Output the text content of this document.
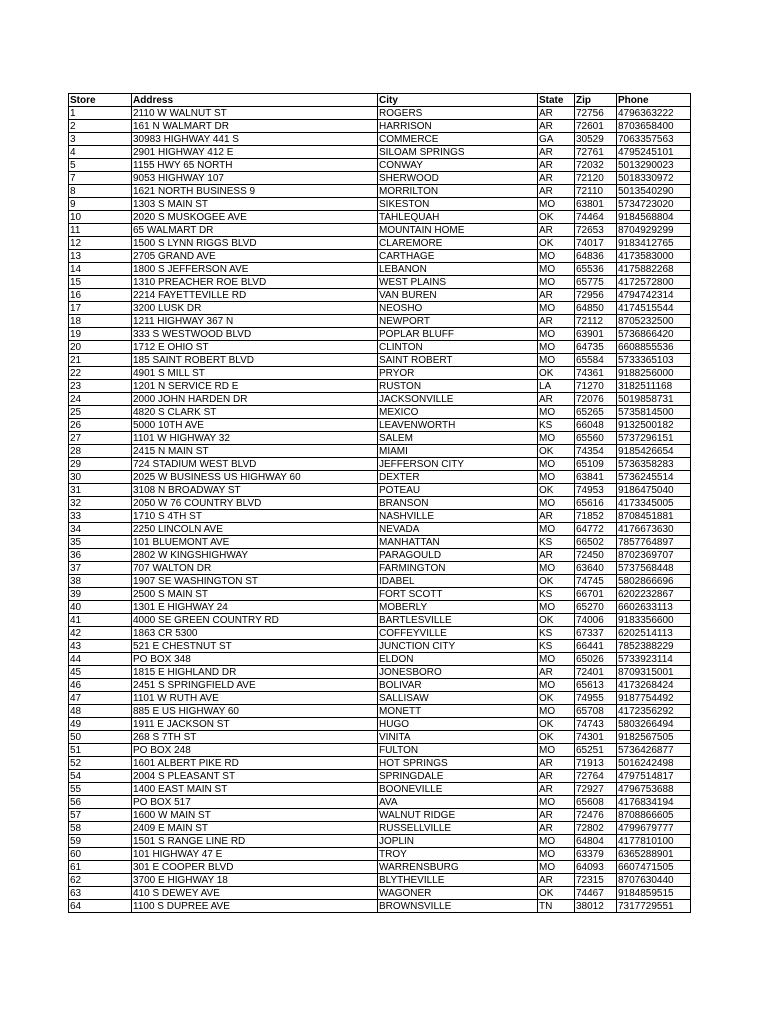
Store	Address	City	State	Zip	Phone
1	2110 W WALNUT ST	ROGERS	AR	72756	4796363222
2	161 N WALMART DR	HARRISON	AR	72601	8703658400
3	30983 HIGHWAY 441 S	COMMERCE	GA	30529	7063357563
4	2901 HIGHWAY 412 E	SILOAM SPRINGS	AR	72761	4795245101
5	1155 HWY 65 NORTH	CONWAY	AR	72032	5013290023
7	9053 HIGHWAY 107	SHERWOOD	AR	72120	5018330972
8	1621 NORTH BUSINESS 9	MORRILTON	AR	72110	5013540290
9	1303 S MAIN ST	SIKESTON	MO	63801	5734723020
10	2020 S MUSKOGEE AVE	TAHLEQUAH	OK	74464	9184568804
11	65 WALMART DR	MOUNTAIN HOME	AR	72653	8704929299
12	1500 S LYNN RIGGS BLVD	CLAREMORE	OK	74017	9183412765
13	2705 GRAND AVE	CARTHAGE	MO	64836	4173583000
14	1800 S JEFFERSON AVE	LEBANON	MO	65536	4175882268
15	1310 PREACHER ROE BLVD	WEST PLAINS	MO	65775	4172572800
16	2214 FAYETTEVILLE RD	VAN BUREN	AR	72956	4794742314
17	3200 LUSK DR	NEOSHO	MO	64850	4174515544
18	1211 HIGHWAY 367 N	NEWPORT	AR	72112	8705232500
19	333 S WESTWOOD BLVD	POPLAR BLUFF	MO	63901	5736866420
20	1712 E OHIO ST	CLINTON	MO	64735	6608855536
21	185 SAINT ROBERT BLVD	SAINT ROBERT	MO	65584	5733365103
22	4901 S MILL ST	PRYOR	OK	74361	9188256000
23	1201 N SERVICE RD E	RUSTON	LA	71270	3182511168
24	2000 JOHN HARDEN DR	JACKSONVILLE	AR	72076	5019858731
25	4820 S CLARK ST	MEXICO	MO	65265	5735814500
26	5000 10TH AVE	LEAVENWORTH	KS	66048	9132500182
27	1101 W HIGHWAY 32	SALEM	MO	65560	5737296151
28	2415 N MAIN ST	MIAMI	OK	74354	9185426654
29	724 STADIUM WEST BLVD	JEFFERSON CITY	MO	65109	5736358283
30	2025 W BUSINESS US HIGHWAY 60	DEXTER	MO	63841	5736245514
31	3108 N BROADWAY ST	POTEAU	OK	74953	9186475040
32	2050 W 76 COUNTRY BLVD	BRANSON	MO	65616	4173345005
33	1710 S 4TH ST	NASHVILLE	AR	71852	8708451881
34	2250 LINCOLN AVE	NEVADA	MO	64772	4176673630
35	101 BLUEMONT AVE	MANHATTAN	KS	66502	7857764897
36	2802 W KINGSHIGHWAY	PARAGOULD	AR	72450	8702369707
37	707 WALTON DR	FARMINGTON	MO	63640	5737568448
38	1907 SE WASHINGTON ST	IDABEL	OK	74745	5802866696
39	2500 S MAIN ST	FORT SCOTT	KS	66701	6202232867
40	1301 E HIGHWAY 24	MOBERLY	MO	65270	6602633113
41	4000 SE GREEN COUNTRY RD	BARTLESVILLE	OK	74006	9183356600
42	1863 CR 5300	COFFEYVILLE	KS	67337	6202514113
43	521 E CHESTNUT ST	JUNCTION CITY	KS	66441	7852388229
44	PO BOX 348	ELDON	MO	65026	5733923114
45	1815 E HIGHLAND DR	JONESBORO	AR	72401	8709315001
46	2451 S SPRINGFIELD AVE	BOLIVAR	MO	65613	4173268424
47	1101 W RUTH AVE	SALLISAW	OK	74955	9187754492
48	885 E US HIGHWAY 60	MONETT	MO	65708	4172356292
49	1911 E JACKSON ST	HUGO	OK	74743	5803266494
50	268 S 7TH ST	VINITA	OK	74301	9182567505
51	PO BOX 248	FULTON	MO	65251	5736426877
52	1601 ALBERT PIKE RD	HOT SPRINGS	AR	71913	5016242498
54	2004 S PLEASANT ST	SPRINGDALE	AR	72764	4797514817
55	1400 EAST MAIN ST	BOONEVILLE	AR	72927	4796753688
56	PO BOX 517	AVA	MO	65608	4176834194
57	1600 W MAIN ST	WALNUT RIDGE	AR	72476	8708866605
58	2409 E MAIN ST	RUSSELLVILLE	AR	72802	4799679777
59	1501 S RANGE LINE RD	JOPLIN	MO	64804	4177810100
60	101 HIGHWAY 47 E	TROY	MO	63379	6365288901
61	301 E COOPER BLVD	WARRENSBURG	MO	64093	6607471505
62	3700 E HIGHWAY 18	BLYTHEVILLE	AR	72315	8707630440
63	410 S DEWEY AVE	WAGONER	OK	74467	9184859515
64	1100 S DUPREE AVE	BROWNSVILLE	TN	38012	7317729551
